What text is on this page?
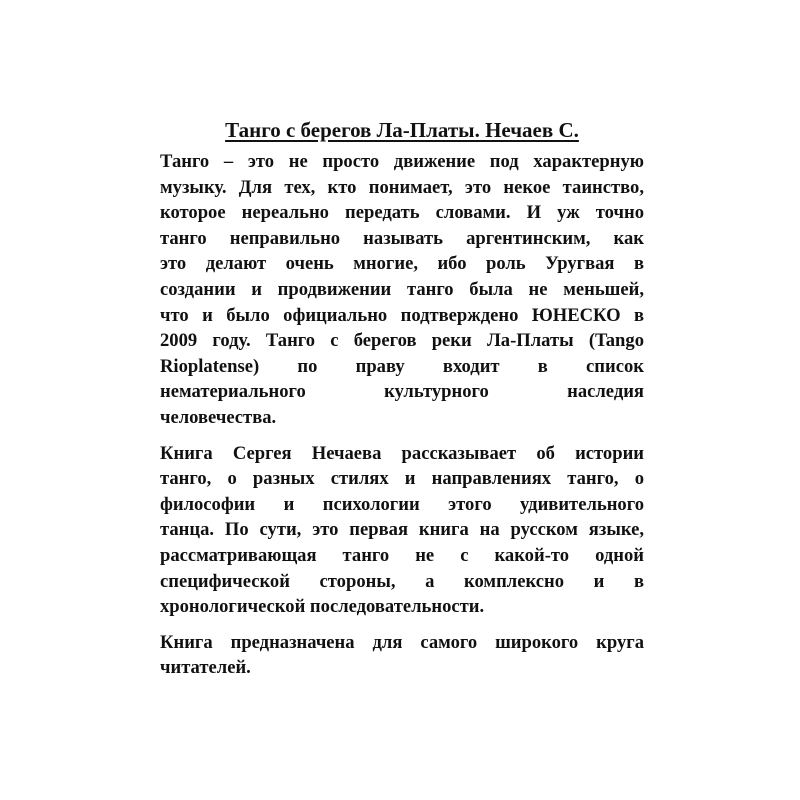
Танго с берегов Ла-Платы. Нечаев С.
Танго – это не просто движение под характерную
музыку. Для тех, кто понимает, это некое таинство,
которое нереально передать словами. И уж точно
танго неправильно называть аргентинским, как
это делают очень многие, ибо роль Уругвая в
создании и продвижении танго была не меньшей,
что и было официально подтверждено ЮНЕСКО в
2009 году. Танго с берегов реки Ла-Платы (Tango
Rioplatense) по праву входит в список
нематериального культурного наследия
человечества.
Книга Сергея Нечаева рассказывает об истории
танго, о разных стилях и направлениях танго, о
философии и психологии этого удивительного
танца. По сути, это первая книга на русском языке,
рассматривающая танго не с какой-то одной
специфической стороны, а комплексно и в
хронологической последовательности.
Книга предназначена для самого широкого круга
читателей.
